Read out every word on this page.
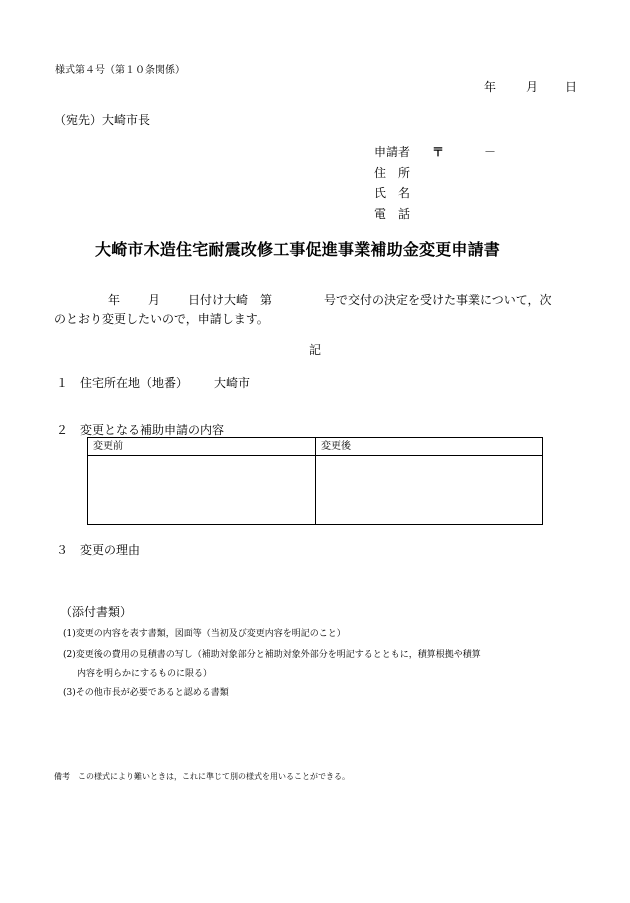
様式第４号（第１０条関係）
年 月 日
（宛先）大崎市長
申請者 〒	－
住　所
氏　名
電　話
大崎市木造住宅耐震改修工事促進事業補助金変更申請書
年 月 日付け大崎　第	号で交付の決定を受けた事業について，次
のとおり変更したいので，申請します。
記
１ 住宅所在地（地番） 大崎市
２ 変更となる補助申請の内容
変更前	変更後
３ 変更の理由
（添付書類）
(1)変更の内容を表す書類，図面等（当初及び変更内容を明記のこと）
(2)変更後の費用の見積書の写し（補助対象部分と補助対象外部分を明記するとともに，積算根拠や積算
内容を明らかにするものに限る）
(3)その他市長が必要であると認める書類
備考　この様式により難いときは，これに準じて別の様式を用いることができる。
